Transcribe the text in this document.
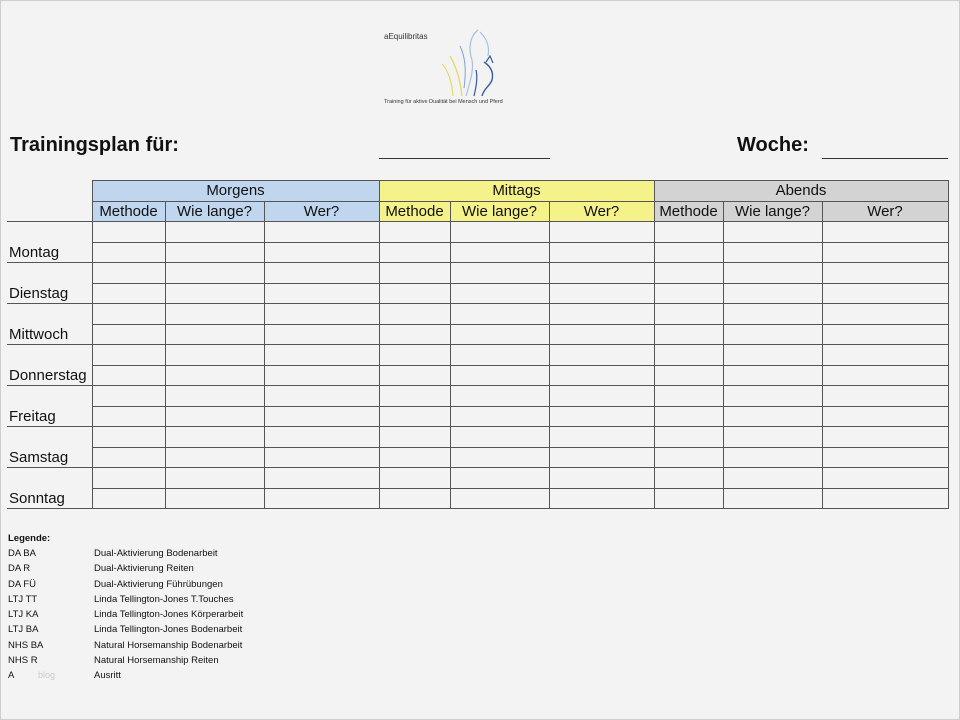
aEquilibritas
Training für aktive Dualität bei Mensch und Pferd
Trainingsplan für:	Woche:
	Morgens			Mittags			Abends		
	Methode	Wie lange?	Wer?	Methode	Wie lange?	Wer?	Methode	Wie lange?	Wer?
Montag									

Dienstag									

Mittwoch									

Donnerstag									

Freitag									

Samstag									

Sonntag									

Legende:
DA BA	Dual-Aktivierung Bodenarbeit
DA R	Dual-Aktivierung Reiten
DA FÜ	Dual-Aktivierung Führübungen
LTJ TT	Linda Tellington-Jones T.Touches
LTJ KA	Linda Tellington-Jones Körperarbeit
LTJ BA	Linda Tellington-Jones Bodenarbeit
NHS BA	Natural Horsemanship Bodenarbeit
NHS R	Natural Horsemanship Reiten
A	Ausritt
blog
